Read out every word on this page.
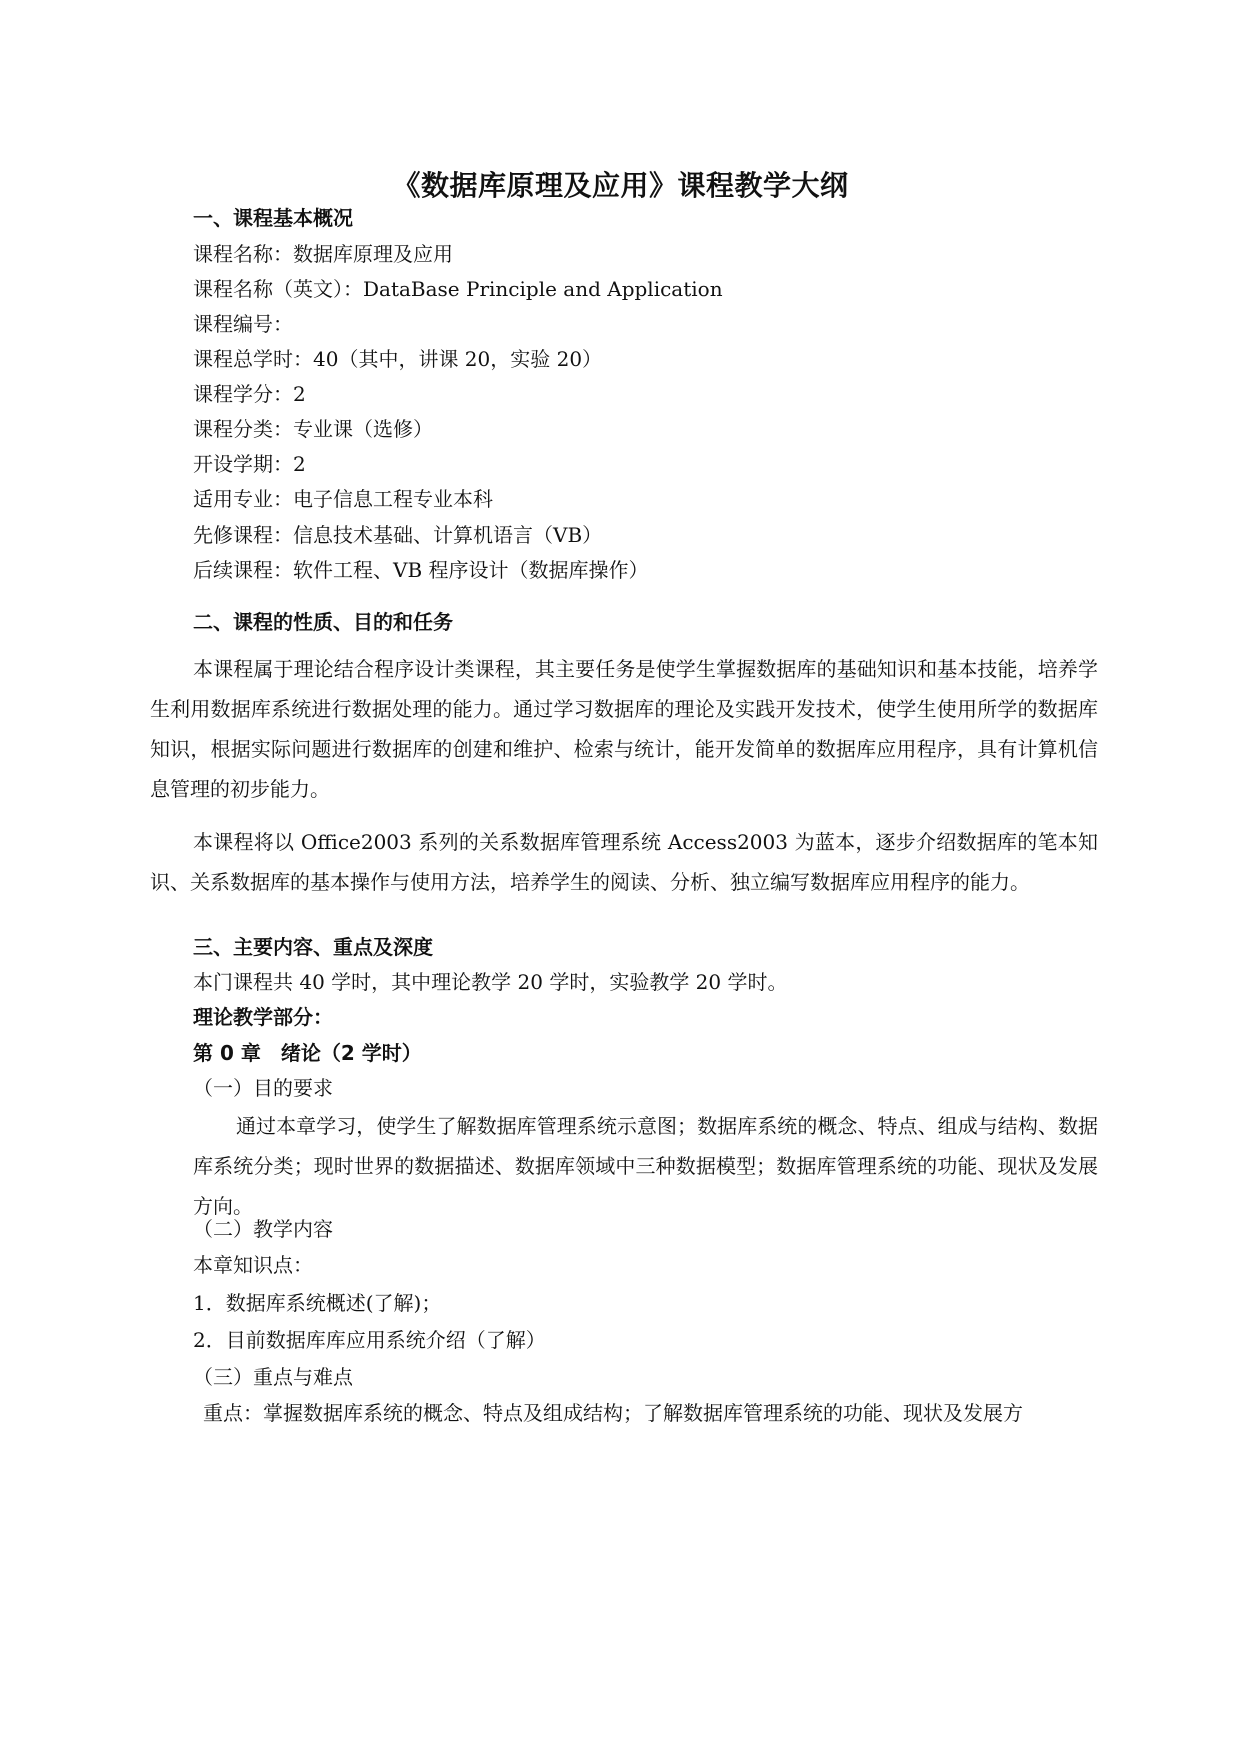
《数据库原理及应用》课程教学大纲
一、课程基本概况
课程名称：数据库原理及应用
课程名称（英文）：DataBase Principle and Application
课程编号：
课程总学时：40（其中，讲课 20，实验 20）
课程学分：2
课程分类：专业课（选修）
开设学期：2
适用专业：电子信息工程专业本科
先修课程：信息技术基础、计算机语言（VB）
后续课程：软件工程、VB 程序设计（数据库操作）
二、课程的性质、目的和任务
本课程属于理论结合程序设计类课程，其主要任务是使学生掌握数据库的基础知识和基本技能，培养学生利用数据库系统进行数据处理的能力。通过学习数据库的理论及实践开发技术，使学生使用所学的数据库知识，根据实际问题进行数据库的创建和维护、检索与统计，能开发简单的数据库应用程序，具有计算机信息管理的初步能力。
本课程将以 Office2003 系列的关系数据库管理系统 Access2003 为蓝本，逐步介绍数据库的笔本知识、关系数据库的基本操作与使用方法，培养学生的阅读、分析、独立编写数据库应用程序的能力。
三、主要内容、重点及深度
本门课程共 40 学时，其中理论教学 20 学时，实验教学 20 学时。
理论教学部分：
第 0 章　绪论（2 学时）
（一）目的要求
通过本章学习，使学生了解数据库管理系统示意图；数据库系统的概念、特点、组成与结构、数据库系统分类；现时世界的数据描述、数据库领域中三种数据模型；数据库管理系统的功能、现状及发展方向。
（二）教学内容
本章知识点：
1．数据库系统概述(了解)；
2．目前数据库库应用系统介绍（了解）
（三）重点与难点
重点：掌握数据库系统的概念、特点及组成结构；了解数据库管理系统的功能、现状及发展方
